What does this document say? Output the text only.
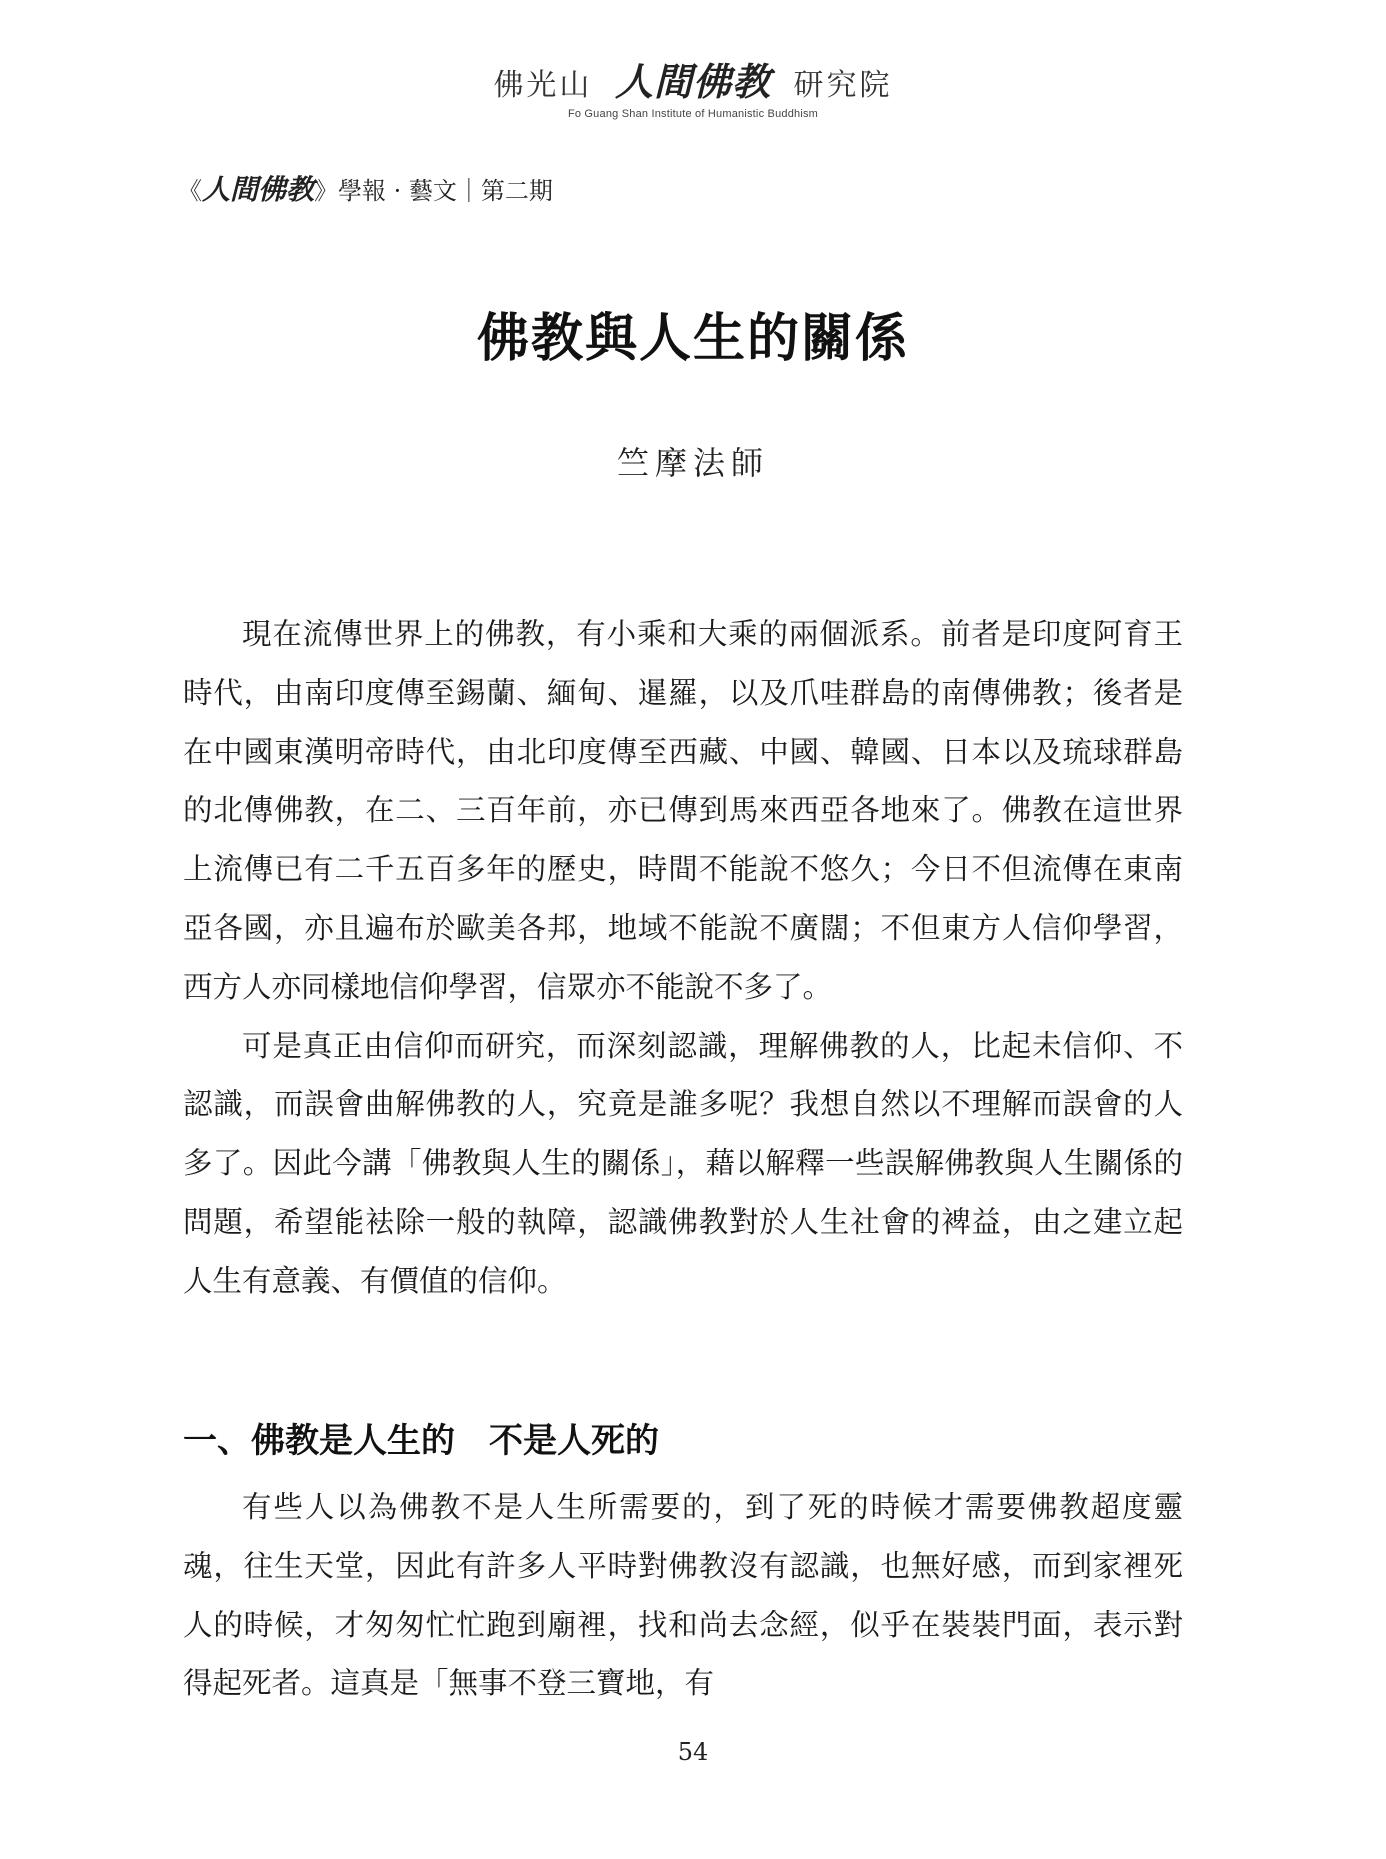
佛光山 人間佛教 研究院
Fo Guang Shan Institute of Humanistic Buddhism
《人間佛教》學報 · 藝文｜第二期
佛教與人生的關係
竺摩法師

現在流傳世界上的佛教，有小乘和大乘的兩個派系。前者是印度阿育王時代，由南印度傳至錫蘭、緬甸、暹羅，以及爪哇群島的南傳佛教；後者是在中國東漢明帝時代，由北印度傳至西藏、中國、韓國、日本以及琉球群島的北傳佛教，在二、三百年前，亦已傳到馬來西亞各地來了。佛教在這世界上流傳已有二千五百多年的歷史，時間不能說不悠久；今日不但流傳在東南亞各國，亦且遍布於歐美各邦，地域不能說不廣闊；不但東方人信仰學習，西方人亦同樣地信仰學習，信眾亦不能說不多了。

可是真正由信仰而研究，而深刻認識，理解佛教的人，比起未信仰、不認識，而誤會曲解佛教的人，究竟是誰多呢？我想自然以不理解而誤會的人多了。因此今講「佛教與人生的關係」，藉以解釋一些誤解佛教與人生關係的問題，希望能袪除一般的執障，認識佛教對於人生社會的裨益，由之建立起人生有意義、有價值的信仰。

一、佛教是人生的　不是人死的

有些人以為佛教不是人生所需要的，到了死的時候才需要佛教超度靈魂，往生天堂，因此有許多人平時對佛教沒有認識，也無好感，而到家裡死人的時候，才匆匆忙忙跑到廟裡，找和尚去念經，似乎在裝裝門面，表示對得起死者。這真是「無事不登三寶地，有

54
